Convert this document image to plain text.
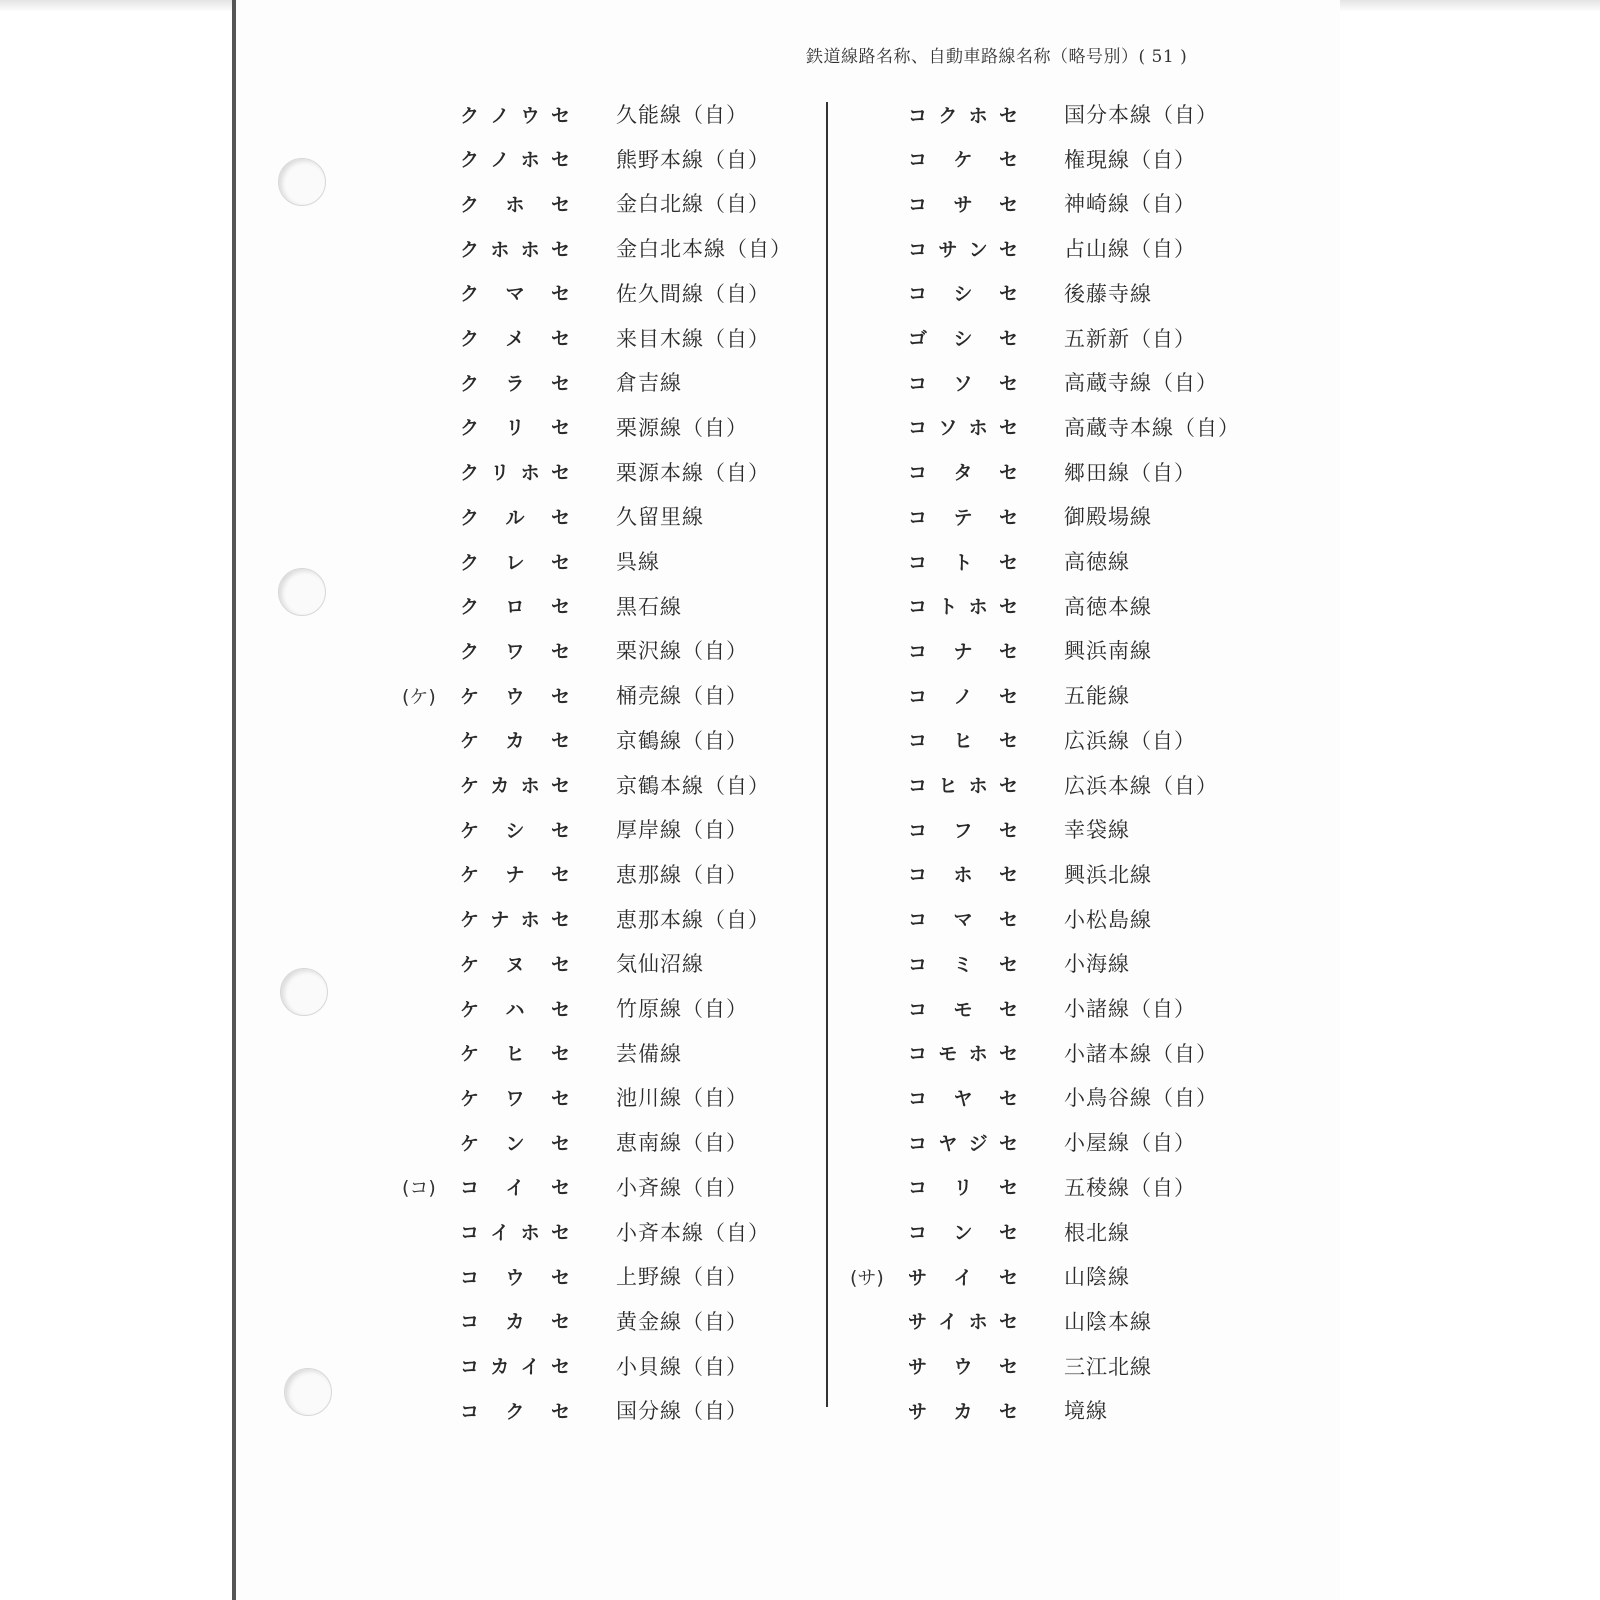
鉄道線路名称、自動車路線名称（略号別）( 51 )
ク ノ ウ セ 久能線（自）
ク ノ ホ セ 熊野本線（自）
ク ホ セ 金白北線（自）
ク ホ ホ セ 金白北本線（自）
ク マ セ 佐久間線（自）
ク メ セ 来目木線（自）
ク ラ セ 倉吉線
ク リ セ 栗源線（自）
ク リ ホ セ 栗源本線（自）
ク ル セ 久留里線
ク レ セ 呉線
ク ロ セ 黒石線
ク ワ セ 栗沢線（自）
(ケ)	ケ ウ セ 桶売線（自）
ケ カ セ 京鶴線（自）
ケ カ ホ セ 京鶴本線（自）
ケ シ セ 厚岸線（自）
ケ ナ セ 恵那線（自）
ケ ナ ホ セ 恵那本線（自）
ケ ヌ セ 気仙沼線
ケ ハ セ 竹原線（自）
ケ ヒ セ 芸備線
ケ ワ セ 池川線（自）
ケ ン セ 恵南線（自）
(コ)	コ イ セ 小斉線（自）
コ イ ホ セ 小斉本線（自）
コ ウ セ 上野線（自）
コ カ セ 黄金線（自）
コ カ イ セ 小貝線（自）
コ ク セ 国分線（自）
コ ク ホ セ 国分本線（自）
コ ケ セ 権現線（自）
コ サ セ 神崎線（自）
コ サ ン セ 占山線（自）
コ シ セ 後藤寺線
ゴ シ セ 五新新（自）
コ ソ セ 高蔵寺線（自）
コ ソ ホ セ 高蔵寺本線（自）
コ タ セ 郷田線（自）
コ テ セ 御殿場線
コ ト セ 高徳線
コ ト ホ セ 高徳本線
コ ナ セ 興浜南線
コ ノ セ 五能線
コ ヒ セ 広浜線（自）
コ ヒ ホ セ 広浜本線（自）
コ フ セ 幸袋線
コ ホ セ 興浜北線
コ マ セ 小松島線
コ ミ セ 小海線
コ モ セ 小諸線（自）
コ モ ホ セ 小諸本線（自）
コ ヤ セ 小鳥谷線（自）
コ ヤ ジ セ 小屋線（自）
コ リ セ 五稜線（自）
コ ン セ 根北線
(サ)	サ イ セ 山陰線
サ イ ホ セ 山陰本線
サ ウ セ 三江北線
サ カ セ 境線
